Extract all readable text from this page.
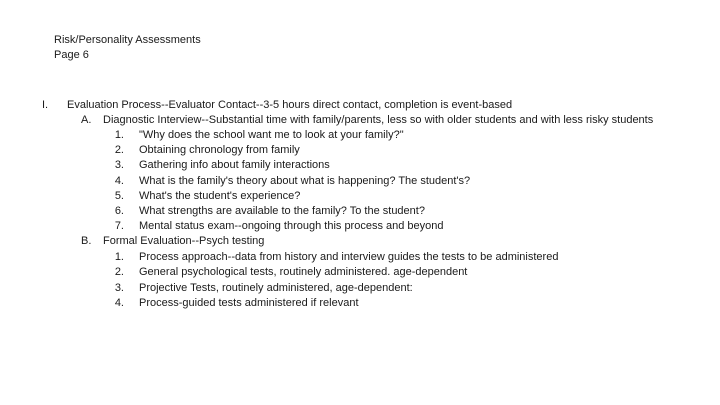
Risk/Personality Assessments
Page 6
I. Evaluation Process--Evaluator Contact--3-5 hours direct contact, completion is event-based
A. Diagnostic Interview--Substantial time with family/parents, less so with older students and with less risky students
1. "Why does the school want me to look at your family?"
2. Obtaining chronology from family
3. Gathering info about family interactions
4. What is the family's theory about what is happening? The student's?
5. What's the student's experience?
6. What strengths are available to the family? To the student?
7. Mental status exam--ongoing through this process and beyond
B. Formal Evaluation--Psych testing
1. Process approach--data from history and interview guides the tests to be administered
2. General psychological tests, routinely administered. age-dependent
3. Projective Tests, routinely administered, age-dependent:
4. Process-guided tests administered if relevant
